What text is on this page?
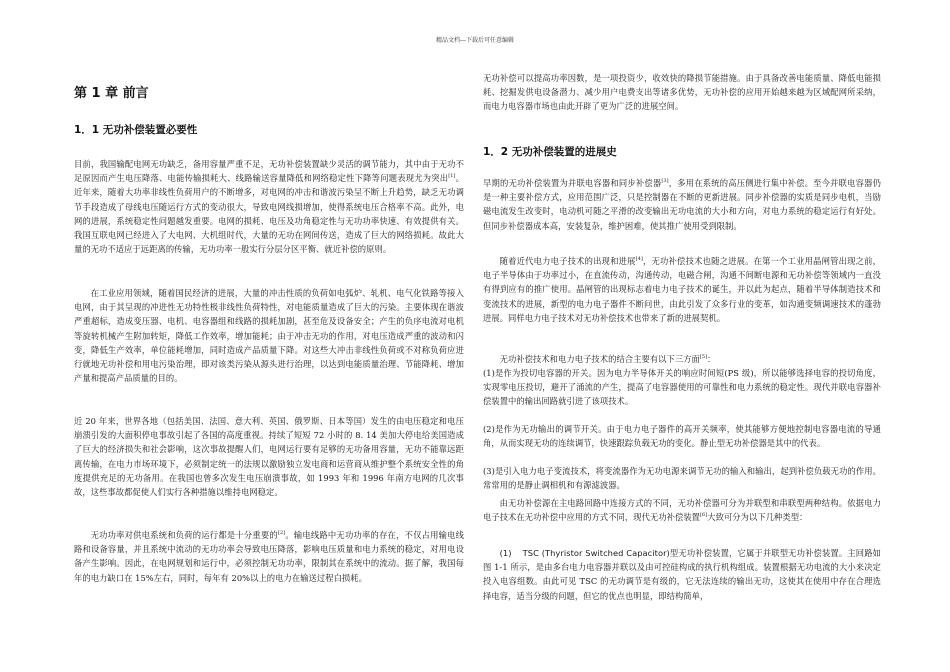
精品文档---下载后可任意编辑
第 1 章 前言
1．1 无功补偿装置必要性

目前，我国输配电网无功缺乏，备用容量严重不足，无功补偿装置缺少灵活的调节能力，其中由于无功不足原因而产生电压降落、电能传输损耗大、线路输送容量降低和网络稳定性下降等问题表现尤为突出[1]。近年来，随着大功率非线性负荷用户的不断增多，对电网的冲击和谐波污染呈不断上升趋势，缺乏无功调节手段造成了母线电压随运行方式的变动很大，导致电网线损增加，使得系统电压合格率不高。此外，电网的进展，系统稳定性问题越发重要。电网的损耗、电压及功角稳定性与无功功率快速、有效提供有关。我国互联电网已经进入了大电网、大机组时代，大量的无功在网间传送，造成了巨大的网络损耗。故此大量的无功不适应于远距离的传输，无功功率一般实行分层分区平衡、就近补偿的原则。

在工业应用领域，随着国民经济的进展，大量的冲击性质的负荷如电弧炉、轧机、电气化铁路等接入电网，由于其呈现的冲进性无功特性极非线性负荷特性，对电能质量造成了巨大的污染。主要体现在谐波严重超标，造成变压器、电机、电容器组和线路的损耗加剧，甚至危及设备安全；产生的负序电流对电机等旋转机械产生附加转矩，降低工作效率，增加能耗；由于冲击无功的作用，对电压造成严重的波动和闪变，降低生产效率，单位能耗增加，同时造成产品质量下降。对这些大冲击非线性负荷或不对称负荷应进行就地无功补偿和用电污染治理，即对该类污染从源头进行治理，以达到电能质量治理、节能降耗、增加产量和提高产品质量的目的。

近 20 年来，世界各地（包括美国、法国、意大利、英国、俄罗斯、日本等国）发生的由电压稳定和电压崩溃引发的大面积停电事故引起了各国的高度重视。持续了短短 72 小时的 8. 14 美加大停电给美国造成了巨大的经济损失和社会影响，这次事故提醒人们，电网运行要有足够的无功备用容量，无功不能靠远距离传输，在电力市场环境下，必须制定统一的法规以激励独立发电商和运营商从维护整个系统安全性的角度提供充足的无功备用。在我国也曾多次发生电压崩溃事故，如 1993 年和 1996 年南方电网的几次事故，这些事故都促使人们实行各种措施以维持电网稳定。

无功功率对供电系统和负荷的运行都是十分重要的[2]。输电线路中无功功率的存在，不仅占用输电线路和设备容量，并且系统中流动的无功功率会导致电压降落，影响电压质量和电力系统的稳定，对用电设备产生影响。因此，在电网规划和运行中，必须控制无功功率，限制其在系统中的流动。据了解，我国每年的电力缺口在 15%左右，同时，每年有 20%以上的电力在输送过程白损耗。

无功补偿可以提高功率因数，是一项投资少，收效快的降损节能措施。由于具备改善电能质量、降低电能损耗、挖掘发供电设备潜力、减少用户电费支出等诸多优势，无功补偿的应用开始越来越为区域配网所采纳，而电力电容器市场也由此开辟了更为广泛的进展空间。

1．2 无功补偿装置的进展史

早期的无功补偿装置为并联电容器和同步补偿器[3]，多用在系统的高压侧进行集中补偿。至今并联电容器仍是一种主要补偿方式，应用范围广泛，只是控制器在不断的更新进展。同步补偿器的实质是同步电机，当励磁电流发生改变时，电动机可随之平滑的改变输出无功电流的大小和方向，对电力系统的稳定运行有好处。但同步补偿器成本高，安装复杂，维护困难，使其推广使用受到限制。

随着近代电力电子技术的出现和进展[4]，无功补偿技术也随之进展。在第一个工业用晶闸管出现之前，电子半导体由于功率过小，在直流传动，沟通传动，电磁合闸，沟通不间断电源和无功补偿等领域内一直没有得到应有的推广使用。晶闸管的出现标志着电力电子技术的诞生，并以此为起点，随着半导体制造技术和变流技术的进展，新型的电力电子器件不断问世，由此引发了众多行业的变革，如沟通变频调速技术的蓬勃进展。同样电力电子技术对无功补偿技术也带来了新的进展契机。

无功补偿技术和电力电子技术的结合主要有以下三方面[5]：

(1)是作为投切电容器的开关。因为电力半导体开关的响应时间短(PS 级)，所以能够选择电容的投切角度，实现零电压投切，避开了涌流的产生，提高了电容器使用的可靠性和电力系统的稳定性。现代并联电容器补偿装置中的输出回路就引进了该项技术。

(2)是作为无功输出的调节开关。由于电力电子器件的高开关频率，使其能够方便地控制电容器电流的导通角，从而实现无功的连续调节，快速跟踪负载无功的变化。静止型无功补偿器是其中的代表。

(3)是引入电力电子变流技术，将变流器作为无功电源来调节无功的输入和输出，起到补偿负载无功的作用。常常用的是静止调相机和有源滤波器。

由无功补偿源在主电路回路中连接方式的不同，无功补偿器可分为并联型和串联型两种结构。依据电力电子技术在无功补偿中应用的方式不同，现代无功补偿装置[6]大致可分为以下几种类型：

(1) TSC (Thyristor Switched Capacitor)型无功补偿装置，它属于并联型无功补偿装置。主回路如图 1-1 所示，是由多台电力电容器并联以及由可控硅构成的执行机构组成。装置根据无功电流的大小来决定投入电容组数。由此可见 TSC 的无功调节是有级的，它无法连续的输出无功，这使其在使用中存在合理选择电容，适当分级的问题，但它的优点也明显，即结构简单，
